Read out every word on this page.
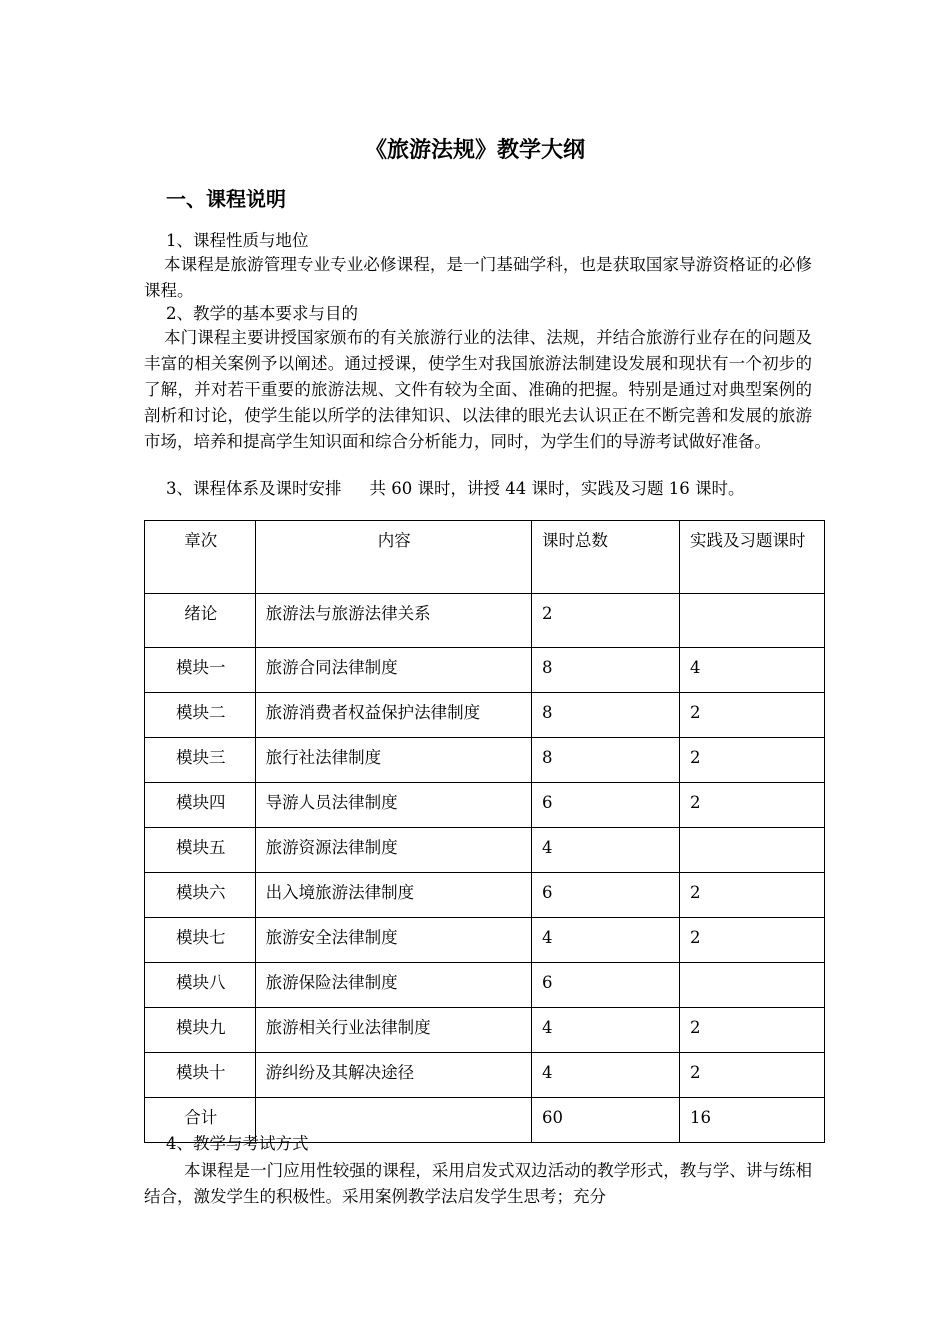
《旅游法规》教学大纲
一、课程说明
1、课程性质与地位
本课程是旅游管理专业专业必修课程，是一门基础学科，也是获取国家导游资格证的必修课程。
2、教学的基本要求与目的
本门课程主要讲授国家颁布的有关旅游行业的法律、法规，并结合旅游行业存在的问题及丰富的相关案例予以阐述。通过授课，使学生对我国旅游法制建设发展和现状有一个初步的了解，并对若干重要的旅游法规、文件有较为全面、准确的把握。特别是通过对典型案例的剖析和讨论，使学生能以所学的法律知识、以法律的眼光去认识正在不断完善和发展的旅游市场，培养和提高学生知识面和综合分析能力，同时，为学生们的导游考试做好准备。
3、课程体系及课时安排 共 60 课时，讲授 44 课时，实践及习题 16 课时。
章次	内容	课时总数	实践及习题课时
绪论	旅游法与旅游法律关系	2	
模块一	旅游合同法律制度	8	4
模块二	旅游消费者权益保护法律制度	8	2
模块三	旅行社法律制度	8	2
模块四	导游人员法律制度	6	2
模块五	旅游资源法律制度	4	
模块六	出入境旅游法律制度	6	2
模块七	旅游安全法律制度	4	2
模块八	旅游保险法律制度	6	
模块九	旅游相关行业法律制度	4	2
模块十	游纠纷及其解决途径	4	2
合计		60	16
4、教学与考试方式
本课程是一门应用性较强的课程，采用启发式双边活动的教学形式，教与学、讲与练相结合，激发学生的积极性。采用案例教学法启发学生思考；充分
